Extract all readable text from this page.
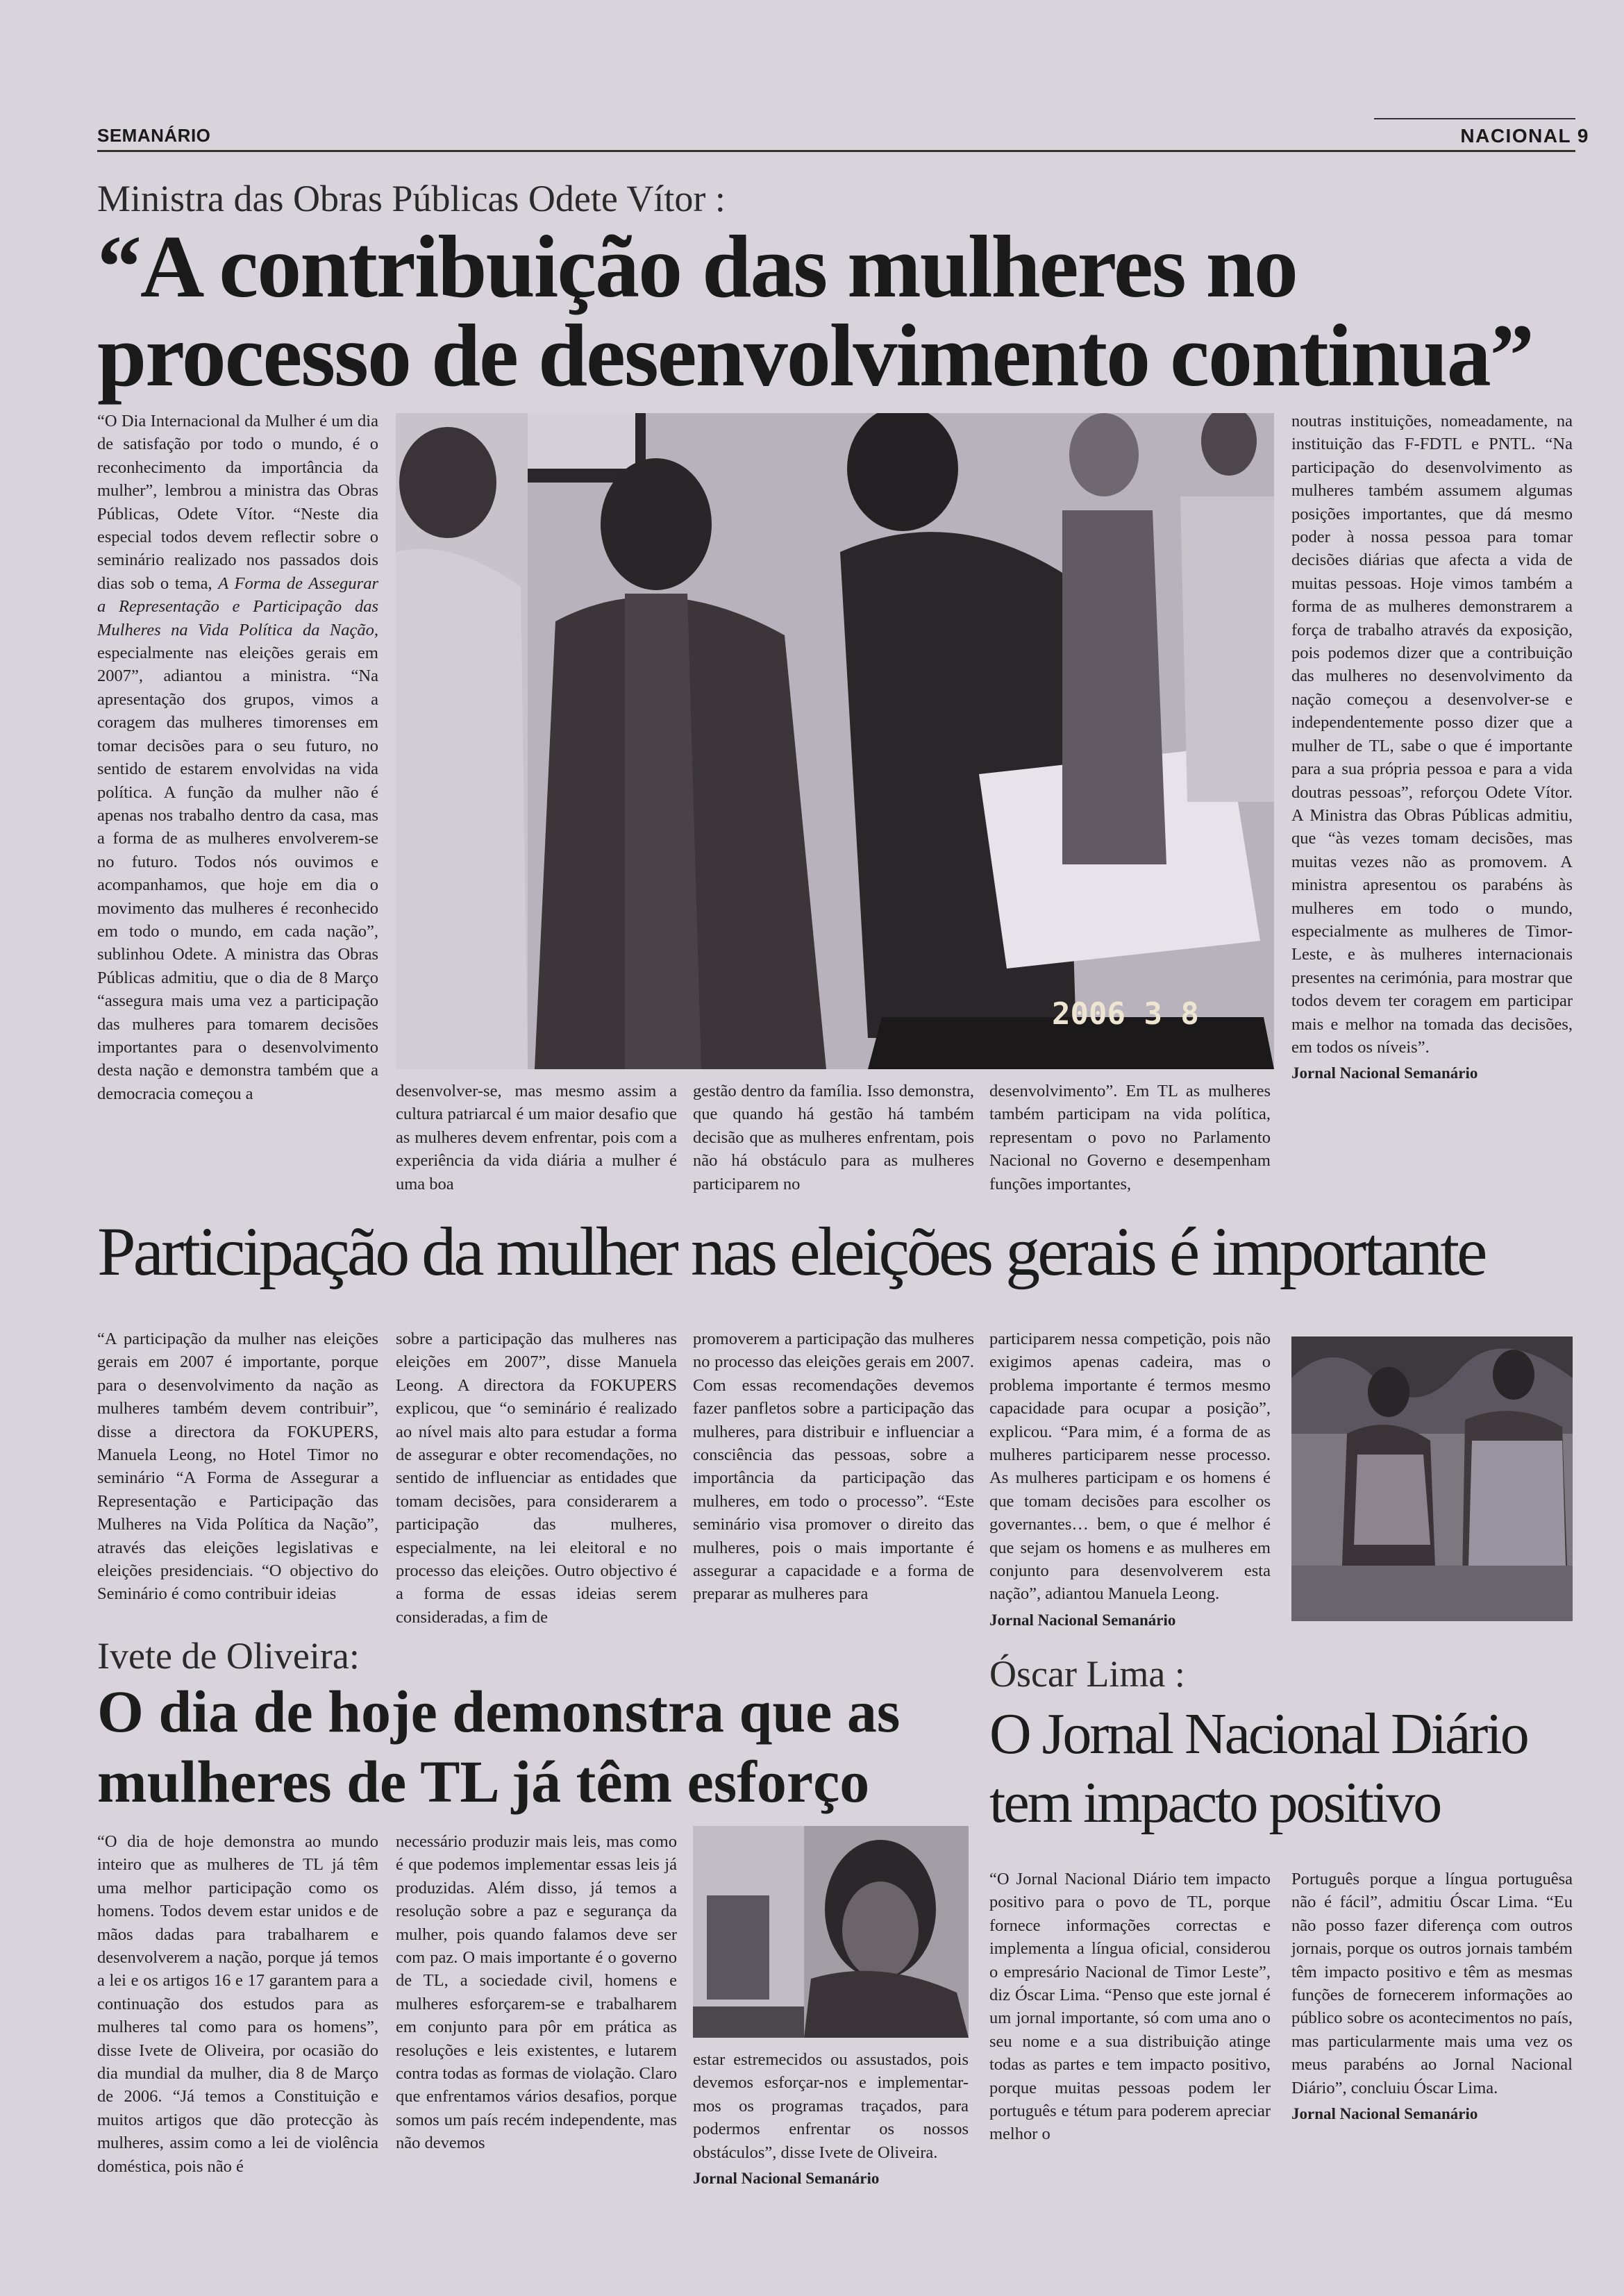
SEMANÁRIO	NACIONAL 9
Ministra das Obras Públicas Odete Vítor :
“A contribuição das mulheres no processo de desenvolvimento continua”

“O Dia Internacional da Mulher é um dia de satisfação por todo o mundo, é o reconhecimento da importância da mulher”, lembrou a ministra das Obras Públicas, Odete Vítor. “Neste dia especial todos devem reflectir sobre o seminário realizado nos passados dois dias sob o tema, A Forma de Assegurar a Representação e Participação das Mulheres na Vida Política da Nação, especialmente nas eleições gerais em 2007”, adiantou a ministra. “Na apresentação dos grupos, vimos a coragem das mulheres timorenses em tomar decisões para o seu futuro, no sentido de estarem envolvidas na vida política. A função da mulher não é apenas nos trabalho dentro da casa, mas a forma de as mulheres envolverem-se no futuro. Todos nós ouvimos e acompanhamos, que hoje em dia o movimento das mulheres é reconhecido em todo o mundo, em cada nação”, sublinhou Odete. A ministra das Obras Públicas admitiu, que o dia de 8 Março “assegura mais uma vez a participação das mulheres para tomarem decisões importantes para o desenvolvimento desta nação e demonstra também que a democracia começou a

2006 3 8

desenvolver-se, mas mesmo assim a cultura patriarcal é um maior desafio que as mulheres devem enfrentar, pois com a experiência da vida diária a mulher é uma boa

gestão dentro da família. Isso demonstra, que quando há gestão há também decisão que as mulheres enfrentam, pois não há obstáculo para as mulheres participarem no

desenvolvimento”. Em TL as mulheres também participam na vida política, representam o povo no Parlamento Nacional no Governo e desempenham funções importantes,

noutras instituições, nomeadamente, na instituição das F-FDTL e PNTL. “Na participação do desenvolvimento as mulheres também assumem algumas posições importantes, que dá mesmo poder à nossa pessoa para tomar decisões diárias que afecta a vida de muitas pessoas. Hoje vimos também a forma de as mulheres demonstrarem a força de trabalho através da exposição, pois podemos dizer que a contribuição das mulheres no desenvolvimento da nação começou a desenvolver-se e independentemente posso dizer que a mulher de TL, sabe o que é importante para a sua própria pessoa e para a vida doutras pessoas”, reforçou Odete Vítor. A Ministra das Obras Públicas admitiu, que “às vezes tomam decisões, mas muitas vezes não as promovem. A ministra apresentou os parabéns às mulheres em todo o mundo, especialmente as mulheres de Timor-Leste, e às mulheres internacionais presentes na cerimónia, para mostrar que todos devem ter coragem em participar mais e melhor na tomada das decisões, em todos os níveis”.

Jornal Nacional Semanário

Participação da mulher nas eleições gerais é importante

“A participação da mulher nas eleições gerais em 2007 é importante, porque para o desenvolvimento da nação as mulheres também devem contribuir”, disse a directora da FOKUPERS, Manuela Leong, no Hotel Timor no seminário “A Forma de Assegurar a Representação e Participação das Mulheres na Vida Política da Nação”, através das eleições legislativas e eleições presidenciais. “O objectivo do Seminário é como contribuir ideias

sobre a participação das mulheres nas eleições em 2007”, disse Manuela Leong. A directora da FOKUPERS explicou, que “o seminário é realizado ao nível mais alto para estudar a forma de assegurar e obter recomendações, no sentido de influenciar as entidades que tomam decisões, para considerarem a participação das mulheres, especialmente, na lei eleitoral e no processo das eleições. Outro objectivo é a forma de essas ideias serem consideradas, a fim de

promoverem a participação das mulheres no processo das eleições gerais em 2007. Com essas recomendações devemos fazer panfletos sobre a participação das mulheres, para distribuir e influenciar a consciência das pessoas, sobre a importância da participação das mulheres, em todo o processo”. “Este seminário visa promover o direito das mulheres, pois o mais importante é assegurar a capacidade e a forma de preparar as mulheres para

participarem nessa competição, pois não exigimos apenas cadeira, mas o problema importante é termos mesmo capacidade para ocupar a posição”, explicou. “Para mim, é a forma de as mulheres participarem nesse processo. As mulheres participam e os homens é que tomam decisões para escolher os governantes… bem, o que é melhor é que sejam os homens e as mulheres em conjunto para desenvolverem esta nação”, adiantou Manuela Leong.

Jornal Nacional Semanário

Ivete de Oliveira:
O dia de hoje demonstra que as mulheres de TL já têm esforço

“O dia de hoje demonstra ao mundo inteiro que as mulheres de TL já têm uma melhor participação como os homens. Todos devem estar unidos e de mãos dadas para trabalharem e desenvolverem a nação, porque já temos a lei e os artigos 16 e 17 garantem para a continuação dos estudos para as mulheres tal como para os homens”, disse Ivete de Oliveira, por ocasião do dia mundial da mulher, dia 8 de Março de 2006. “Já temos a Constituição e muitos artigos que dão protecção às mulheres, assim como a lei de violência doméstica, pois não é

necessário produzir mais leis, mas como é que podemos implementar essas leis já produzidas. Além disso, já temos a resolução sobre a paz e segurança da mulher, pois quando falamos deve ser com paz. O mais importante é o governo de TL, a sociedade civil, homens e mulheres esforçarem-se e trabalharem em conjunto para pôr em prática as resoluções e leis existentes, e lutarem contra todas as formas de violação. Claro que enfrentamos vários desafios, porque somos um país recém independente, mas não devemos

estar estremecidos ou assustados, pois devemos esforçar-nos e implementar-mos os programas traçados, para podermos enfrentar os nossos obstáculos”, disse Ivete de Oliveira.

Jornal Nacional Semanário

Óscar Lima :
O Jornal Nacional Diário tem impacto positivo

“O Jornal Nacional Diário tem impacto positivo para o povo de TL, porque fornece informações correctas e implementa a língua oficial, considerou o empresário Nacional de Timor Leste”, diz Óscar Lima. “Penso que este jornal é um jornal importante, só com uma ano o seu nome e a sua distribuição atinge todas as partes e tem impacto positivo, porque muitas pessoas podem ler português e tétum para poderem apreciar melhor o

Português porque a língua portuguêsa não é fácil”, admitiu Óscar Lima. “Eu não posso fazer diferença com outros jornais, porque os outros jornais também têm impacto positivo e têm as mesmas funções de fornecerem informações ao público sobre os acontecimentos no país, mas particularmente mais uma vez os meus parabéns ao Jornal Nacional Diário”, concluiu Óscar Lima.

Jornal Nacional Semanário
